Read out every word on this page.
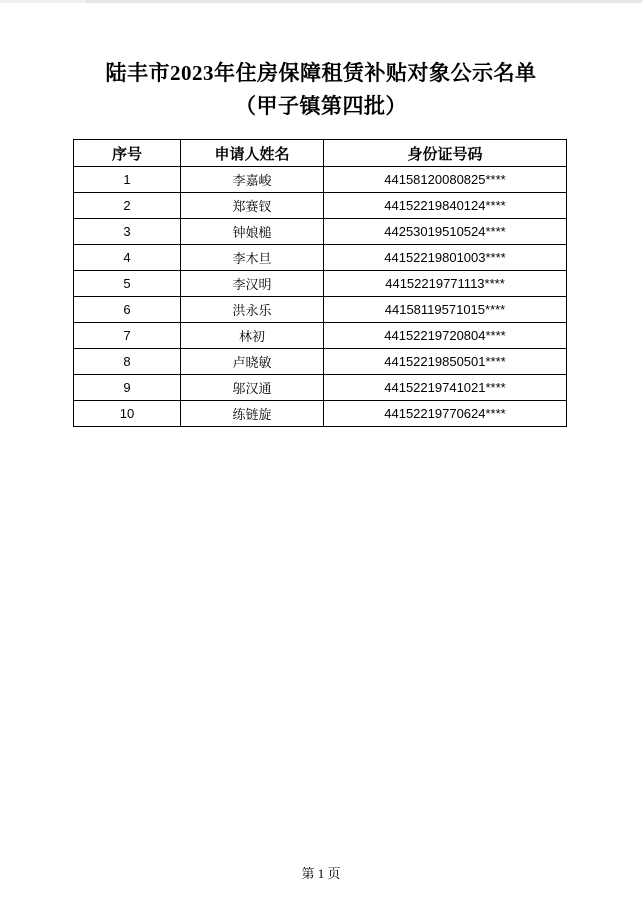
陆丰市2023年住房保障租赁补贴对象公示名单
（甲子镇第四批）
序号	申请人姓名	身份证号码
1	李嘉峻	44158120080825****
2	郑赛钗	44152219840124****
3	钟娘槌	44253019510524****
4	李木旦	44152219801003****
5	李汉明	44152219771113****
6	洪永乐	44158119571015****
7	林初	44152219720804****
8	卢晓敏	44152219850501****
9	邬汉通	44152219741021****
10	练链旋	44152219770624****
第 1 页
